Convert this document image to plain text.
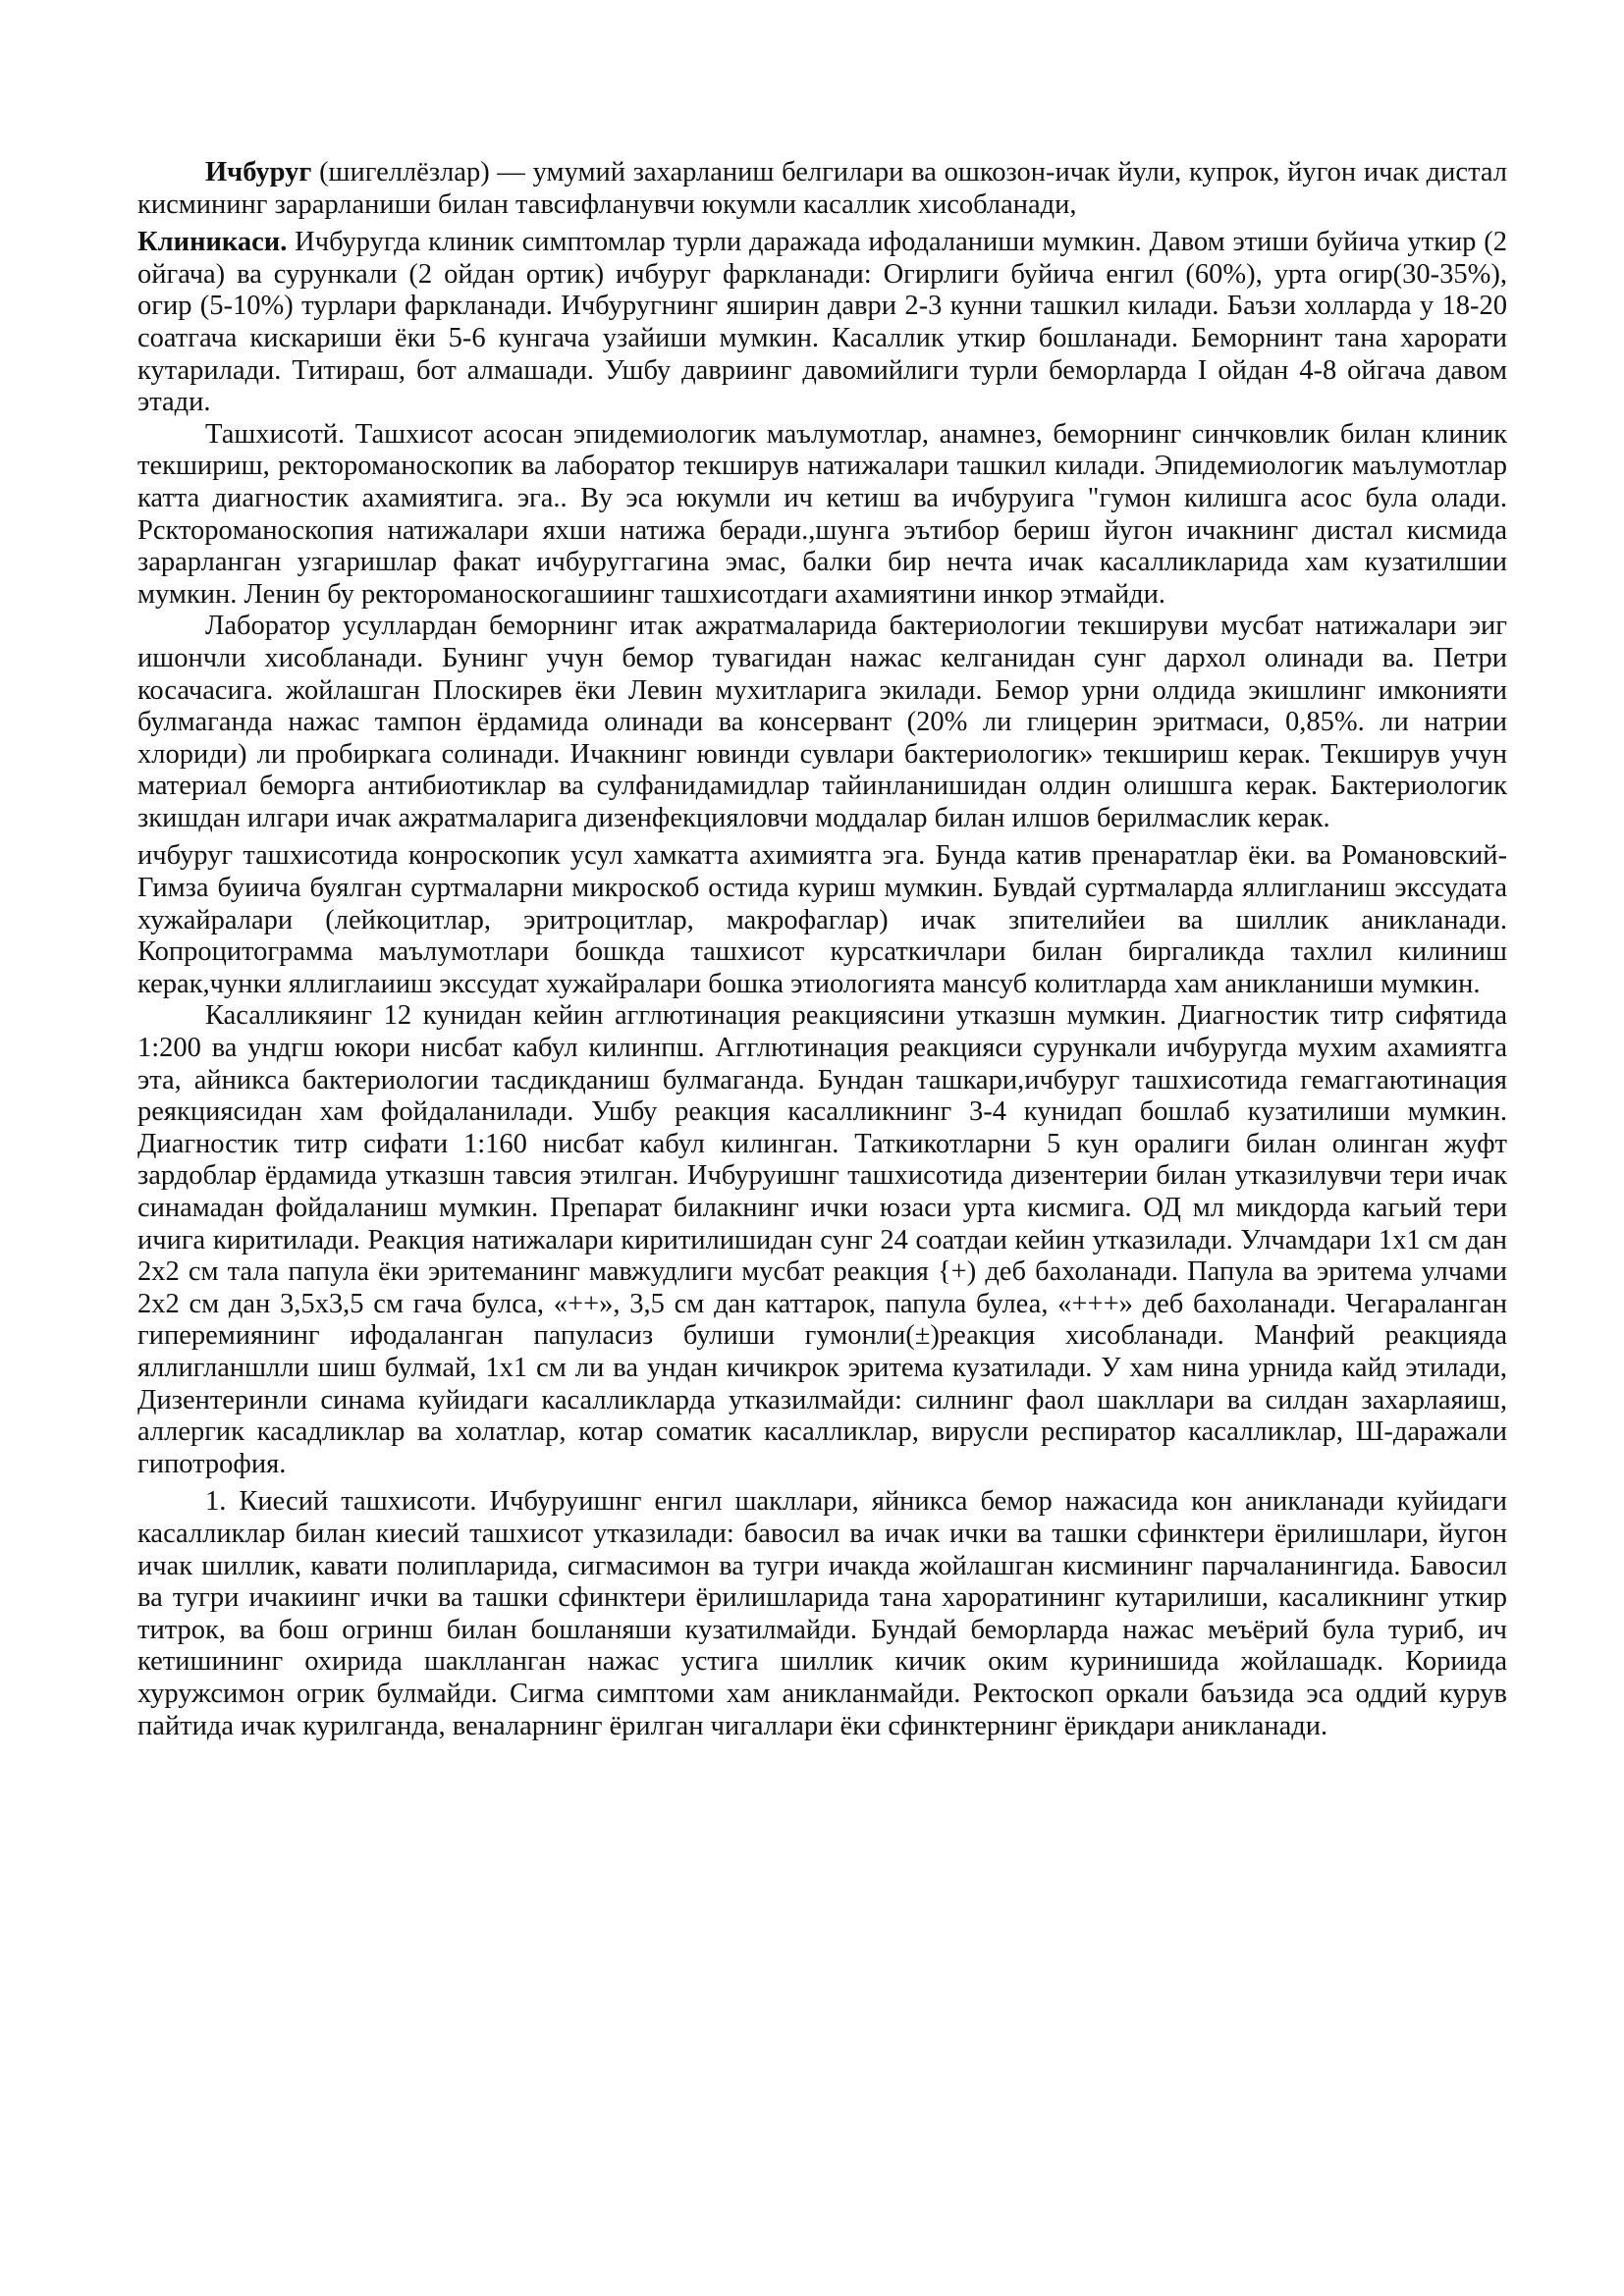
Ичбуруг (шигеллёзлар) — умумий захарланиш белгилари ва ошкозон-ичак йули, купрок, йугон ичак дистал кисмининг зарарланиши билан тавсифланувчи юкумли касаллик хисобланади,

Клиникаси. Ичбуругда клиник симптомлар турли даражада ифодаланиши мумкин. Давом этиши буйича уткир (2 ойгача) ва сурункали (2 ойдан ортик) ичбуруг фаркланади: Огирлиги буйича енгил (60%), урта огир(30-35%), огир (5-10%) турлари фаркланади. Ичбуругнинг яширин даври 2-3 кунни ташкил килади. Баъзи холларда у 18-20 соатгача кискариши ёки 5-6 кунгача узайиши мумкин. Касаллик уткир бошланади. Беморнинт тана харорати кутарилади. Титираш, бот алмашади. Ушбу давриинг давомийлиги турли беморларда I ойдан 4-8 ойгача давом этади.

Ташхисотй. Ташхисот асосан эпидемиологик маълумотлар, анамнез, беморнинг синчковлик билан клиник текшириш, ректороманоскопик ва лаборатор текширув натижалари ташкил килади. Эпидемиологик маълумотлар катта диагностик ахамиятига. эга.. Ву эса юкумли ич кетиш ва ичбуруига "гумон килишга асос була олади. Рскторoманоскопия натижалари яхши натижа беради.,шунга эътибор бериш йугон ичакнинг дистал кисмида зарарланган узгаришлар факат ичбуруггагина эмас, балки бир нечта ичак касалликларида хам кузатилшии мумкин. Ленин бу ректороманоскогашиинг ташхисотдаги ахамиятини инкор этмайди.

Лаборатор усуллардан беморнинг итак ажратмаларида бактериологии текшируви мусбат натижалари эиг ишончли хисобланади. Бунинг учун бемор тувагидан нажас келганидан сунг дархол олинади ва. Петри косачасига. жойлашган Плоскирев ёки Левин мухитларига экилади. Бемор урни олдида экишлинг имконияти булмаганда нажас тампон ёрдамида олинади ва консервант (20% ли глицерин эритмаси, 0,85%. ли натрии хлориди) ли пробиркага солинади. Ичакнинг ювинди сувлари бактериологик» текшириш керак. Текширув учун материал беморга антибиотиклар ва сулфанидамидлар тайинланишидан олдин олишшга керак. Бактериологик зкишдан илгари ичак ажратмаларига дизенфекцияловчи моддалар билан илшов берилмаслик керак.

ичбуруг ташхисотида конроскопик усул хамкатта ахимиятга эга. Бунда катив пренаратлар ёки. ва Романовский- Гимза буиича буялган суртмаларни микроскоб остида куриш мумкин. Бувдай суртмаларда яллигланиш экссудата хужайралари (лейкоцитлар, эритроцитлар, макрофаглар) ичак зпителийеи ва шиллик аникланади. Копроцитограмма маълумотлари бошкда ташхисот курсаткичлари билан биргаликда тахлил килиниш керак,чунки яллиглаииш экссудат хужайралари бошка этиологиятa мансуб колитларда хам аникланиши мумкин.

Касалликяинг 12 кунидан кейин агглютинация реакциясини утказшн мумкин. Диагностик титр сифятида 1:200 ва ундгш юкори нисбат кабул килинпш. Агглютинация реакцияси сурункали ичбуругда мухим ахамиятга эта, айникса бактериологии тасдикданиш булмаганда. Бундан ташкари,ичбуруг ташхисотида гемаггаютинация реякциясидан хам фойдаланилади. Ушбу реакция касалликнинг 3-4 кунидап бошлаб кузатилиши мумкин. Диагностик титр сифати 1:160 нисбат кабул килинган. Таткикотларни 5 кун оралиги билан олинган жуфт зардоблар ёрдамида утказшн тавсия этилган. Ичбуруишнг ташхисотида дизентерии билан утказилувчи тери ичак синамадан фойдаланиш мумкин. Препарат билакнинг ички юзаси урта кисмига. ОД мл микдорда кагьий тери ичига киритилади. Реакция натижалари киритилишидан сунг 24 соатдаи кейин утказилади. Улчамдари 1x1 см дан 2x2 см тала папула ёки эритеманинг мавжудлиги мусбат реакция {+) деб бахоланади. Папула ва эритема улчами 2x2 см дан 3,5x3,5 см гача булса, «++», 3,5 см дан каттарок, папула булеа, «+++» деб бахоланади. Чегараланган гиперемиянинг ифодаланган папуласиз булиши гумонли(±)реакция хисобланади. Манфий реакцияда яллигланшлли шиш булмай, 1x1 см ли ва ундан кичикрок эритема кузатилади. У хам нина урнида кайд этилади, Дизентеринли синама куйидаги касалликларда утказилмайди: силнинг фаол шакллари ва силдан захарлаяиш, аллергик касадликлар ва холатлар, котар соматик касалликлар, вирусли респиратор касалликлар, Ш-даражали гипотрофия.

1. Киесий ташхисоти. Ичбуруишнг енгил шакллари, яйникса бемор нажасида кон аникланади куйидаги касалликлар билан киесий ташхисот утказилади: бавосил ва ичак ички ва ташки сфинктери ёрилишлари, йугон ичак шиллик, кавати полипларида, сигмасимон ва тугри ичакда жойлашган кисмининг парчаланингида. Бавосил ва тугри ичакиинг ички ва ташки сфинктери ёрилишларида тана хароратининг кутарилиши, касаликнинг уткир титрок, ва бош огринш билан бошланяши кузатилмайди. Бундай беморларда нажас меъёрий була туриб, ич кетишининг охирида шаклланган нажас устига шиллик кичик оким куринишида жойлашадк. Кориида хуружсимон огрик булмайди. Сигма симптоми хам аникланмайди. Ректоскоп оркали баъзида эса оддий курув пайтида ичак курилганда, веналарнинг ёрилган чигаллари ёки сфинктернинг ёрикдари аникланади.
